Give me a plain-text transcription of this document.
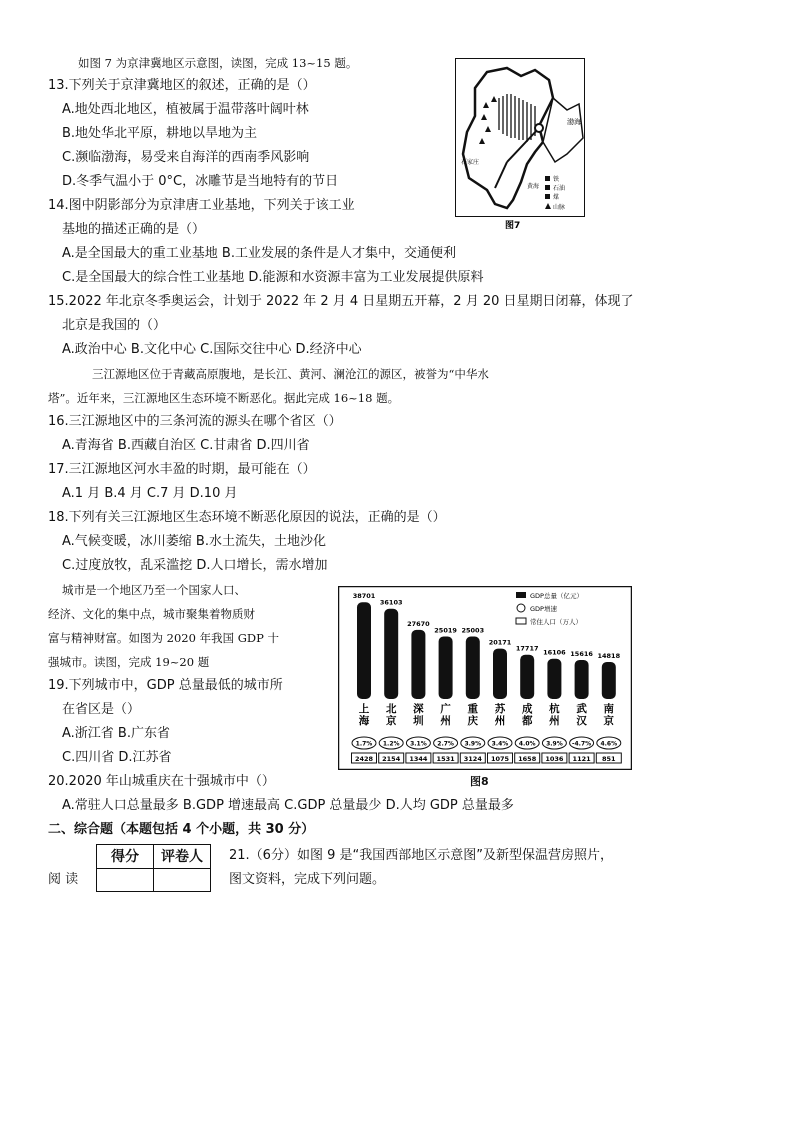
如图 7 为京津冀地区示意图，读图，完成 13~15 题。
13.下列关于京津冀地区的叙述，正确的是（）
A.地处西北地区，植被属于温带落叶阔叶林
B.地处华北平原，耕地以旱地为主
C.濒临渤海，易受来自海洋的西南季风影响
D.冬季气温小于 0°C，冰雕节是当地特有的节日
14.图中阴影部分为京津唐工业基地，下列关于该工业
基地的描述正确的是（）
A.是全国最大的重工业基地 B.工业发展的条件是人才集中，交通便利
C.是全国最大的综合性工业基地 D.能源和水资源丰富为工业发展提供原料
15.2022 年北京冬季奥运会，计划于 2022 年 2 月 4 日星期五开幕，2 月 20 日星期日闭幕，体现了
北京是我国的（）
A.政治中心 B.文化中心 C.国际交往中心 D.经济中心
渤海
石家庄
黄海
铁
石油
煤
山脉
图7
三江源地区位于青藏高原腹地，是长江、黄河、澜沧江的源区，被誉为“中华水
塔”。近年来，三江源地区生态环境不断恶化。据此完成 16~18 题。
16.三江源地区中的三条河流的源头在哪个省区（）
A.青海省 B.西藏自治区 C.甘肃省 D.四川省
17.三江源地区河水丰盈的时期，最可能在（）
A.1 月 B.4 月 C.7 月 D.10 月
18.下列有关三江源地区生态环境不断恶化原因的说法，正确的是（）
A.气候变暖，冰川萎缩 B.水土流失，土地沙化
C.过度放牧，乱采滥挖 D.人口增长，需水增加
城市是一个地区乃至一个国家人口、
经济、文化的集中点，城市聚集着物质财
富与精神财富。如图为 2020 年我国 GDP 十
强城市。读图，完成 19~20 题
19.下列城市中，GDP 总量最低的城市所
在省区是（）
A.浙江省 B.广东省
C.四川省 D.江苏省
GDP总量（亿元）
GDP增速
常住人口（万人）
38701
上
海
1.7%
2428
36103
北
京
1.2%
2154
27670
深
圳
3.1%
1344
25019
广
州
2.7%
1531
25003
重
庆
3.9%
3124
20171
苏
州
3.4%
1075
17717
成
都
4.0%
1658
16106
杭
州
3.9%
1036
15616
武
汉
-4.7%
1121
14818
南
京
4.6%
851
图8
20.2020 年山城重庆在十强城市中（）
A.常驻人口总量最多 B.GDP 增速最高 C.GDP 总量最少 D.人均 GDP 总量最多
二、综合题（本题包括 4 个小题，共 30 分）
得分	评卷人

阅 读
21.（6分）如图 9 是“我国西部地区示意图”及新型保温营房照片，
图文资料，完成下列问题。
